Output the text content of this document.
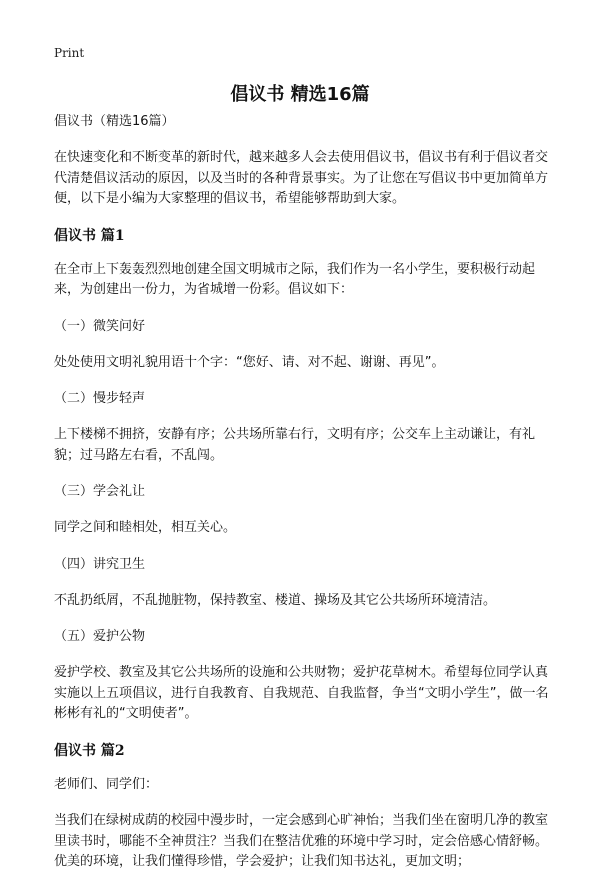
Print
倡议书 精选16篇
倡议书（精选16篇）

在快速变化和不断变革的新时代，越来越多人会去使用倡议书，倡议书有利于倡议者交代清楚倡议活动的原因，以及当时的各种背景事实。为了让您在写倡议书中更加简单方便，以下是小编为大家整理的倡议书，希望能够帮助到大家。

倡议书 篇1

在全市上下轰轰烈烈地创建全国文明城市之际，我们作为一名小学生，要积极行动起来，为创建出一份力，为省城增一份彩。倡议如下：

（一）微笑问好

处处使用文明礼貌用语十个字：“您好、请、对不起、谢谢、再见”。

（二）慢步轻声

上下楼梯不拥挤，安静有序；公共场所靠右行，文明有序；公交车上主动谦让，有礼貌；过马路左右看，不乱闯。

（三）学会礼让

同学之间和睦相处，相互关心。

（四）讲究卫生

不乱扔纸屑，不乱抛脏物，保持教室、楼道、操场及其它公共场所环境清洁。

（五）爱护公物

爱护学校、教室及其它公共场所的设施和公共财物；爱护花草树木。希望每位同学认真实施以上五项倡议，进行自我教育、自我规范、自我监督，争当“文明小学生”，做一名彬彬有礼的“文明使者”。

倡议书 篇2

老师们、同学们：

当我们在绿树成荫的校园中漫步时，一定会感到心旷神怡；当我们坐在窗明几净的教室里读书时，哪能不全神贯注？当我们在整洁优雅的环境中学习时，定会倍感心情舒畅。优美的环境，让我们懂得珍惜，学会爱护；让我们知书达礼，更加文明；
